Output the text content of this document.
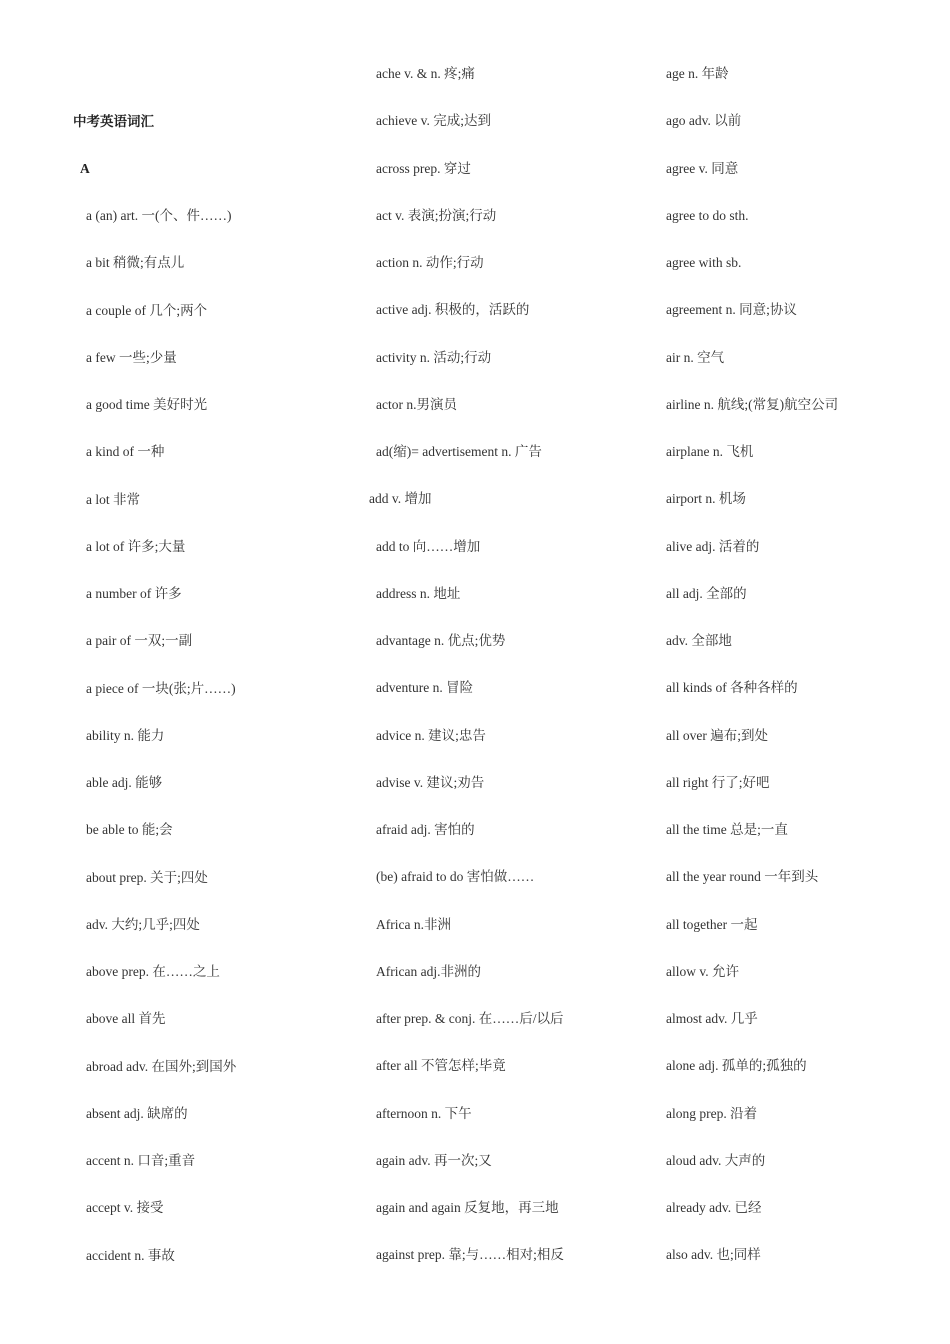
中考英语词汇
A
a (an) art. 一(个、件……)
a bit 稍微;有点儿
a couple of 几个;两个
a few 一些;少量
a good time 美好时光
a kind of 一种
a lot 非常
a lot of 许多;大量
a number of 许多
a pair of 一双;一副
a piece of 一块(张;片……)
ability n. 能力
able adj. 能够
be able to 能;会
about prep. 关于;四处
adv. 大约;几乎;四处
above prep. 在……之上
above all 首先
abroad adv. 在国外;到国外
absent adj. 缺席的
accent n. 口音;重音
accept v. 接受
accident n. 事故
ache v. & n. 疼;痛
achieve v. 完成;达到
across prep. 穿过
act v. 表演;扮演;行动
action n. 动作;行动
active adj. 积极的，活跃的
activity n. 活动;行动
actor n.男演员
ad(缩)= advertisement n. 广告
add v. 增加
add to 向……增加
address n. 地址
advantage n. 优点;优势
adventure n. 冒险
advice n. 建议;忠告
advise v. 建议;劝告
afraid adj. 害怕的
(be) afraid to do 害怕做……
Africa n.非洲
African adj.非洲的
after prep. & conj. 在……后/以后
after all 不管怎样;毕竟
afternoon n. 下午
again adv. 再一次;又
again and again 反复地，再三地
against prep. 靠;与……相对;相反
age n. 年龄
ago adv. 以前
agree v. 同意
agree to do sth.
agree with sb.
agreement n. 同意;协议
air n. 空气
airline n. 航线;(常复)航空公司
airplane n. 飞机
airport n. 机场
alive adj. 活着的
all adj. 全部的
adv. 全部地
all kinds of 各种各样的
all over 遍布;到处
all right 行了;好吧
all the time 总是;一直
all the year round 一年到头
all together 一起
allow v. 允许
almost adv. 几乎
alone adj. 孤单的;孤独的
along prep. 沿着
aloud adv. 大声的
already adv. 已经
also adv. 也;同样
